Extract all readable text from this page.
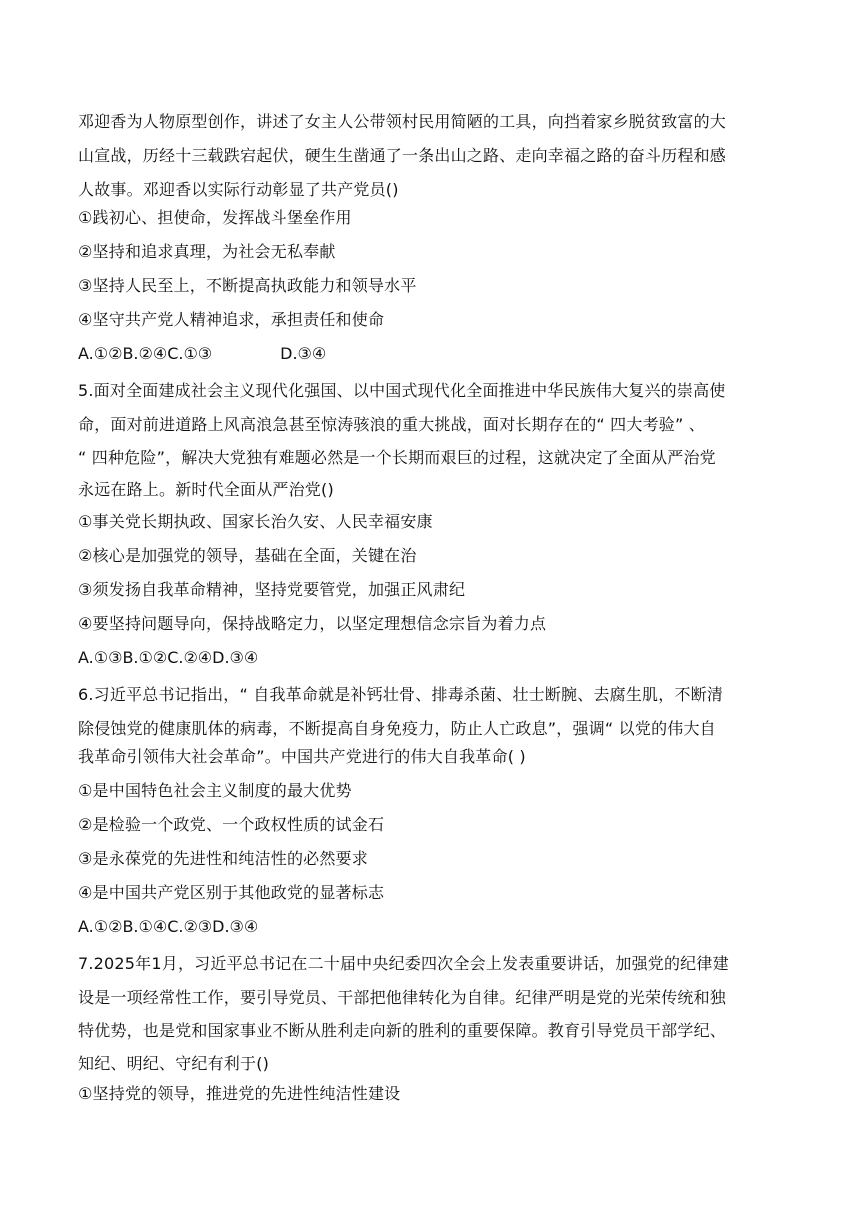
邓迎香为人物原型创作，讲述了女主人公带领村民用简陋的工具，向挡着家乡脱贫致富的大
山宣战，历经十三载跌宕起伏，硬生生凿通了一条出山之路、走向幸福之路的奋斗历程和感
人故事。邓迎香以实际行动彰显了共产党员()
①践初心、担使命，发挥战斗堡垒作用
②坚持和追求真理，为社会无私奉献
③坚持人民至上，不断提高执政能力和领导水平
④坚守共产党人精神追求，承担责任和使命
A.①②B.②④C.①③	D.③④
5.面对全面建成社会主义现代化强国、以中国式现代化全面推进中华民族伟大复兴的崇高使
命，面对前进道路上风高浪急甚至惊涛骇浪的重大挑战，面对长期存在的“ 四大考验” 、
“ 四种危险”，解决大党独有难题必然是一个长期而艰巨的过程，这就决定了全面从严治党
永远在路上。新时代全面从严治党()
①事关党长期执政、国家长治久安、人民幸福安康
②核心是加强党的领导，基础在全面，关键在治
③须发扬自我革命精神，坚持党要管党，加强正风肃纪
④要坚持问题导向，保持战略定力，以坚定理想信念宗旨为着力点
A.①③B.①②C.②④D.③④
6.习近平总书记指出，“ 自我革命就是补钙壮骨、排毒杀菌、壮士断腕、去腐生肌，不断清
除侵蚀党的健康肌体的病毒，不断提高自身免疫力，防止人亡政息”，强调“ 以党的伟大自
我革命引领伟大社会革命”。中国共产党进行的伟大自我革命( )
①是中国特色社会主义制度的最大优势
②是检验一个政党、一个政权性质的试金石
③是永葆党的先进性和纯洁性的必然要求
④是中国共产党区别于其他政党的显著标志
A.①②B.①④C.②③D.③④
7.2025年1月，习近平总书记在二十届中央纪委四次全会上发表重要讲话，加强党的纪律建
设是一项经常性工作，要引导党员、干部把他律转化为自律。纪律严明是党的光荣传统和独
特优势，也是党和国家事业不断从胜利走向新的胜利的重要保障。教育引导党员干部学纪、
知纪、明纪、守纪有利于()
①坚持党的领导，推进党的先进性纯洁性建设
